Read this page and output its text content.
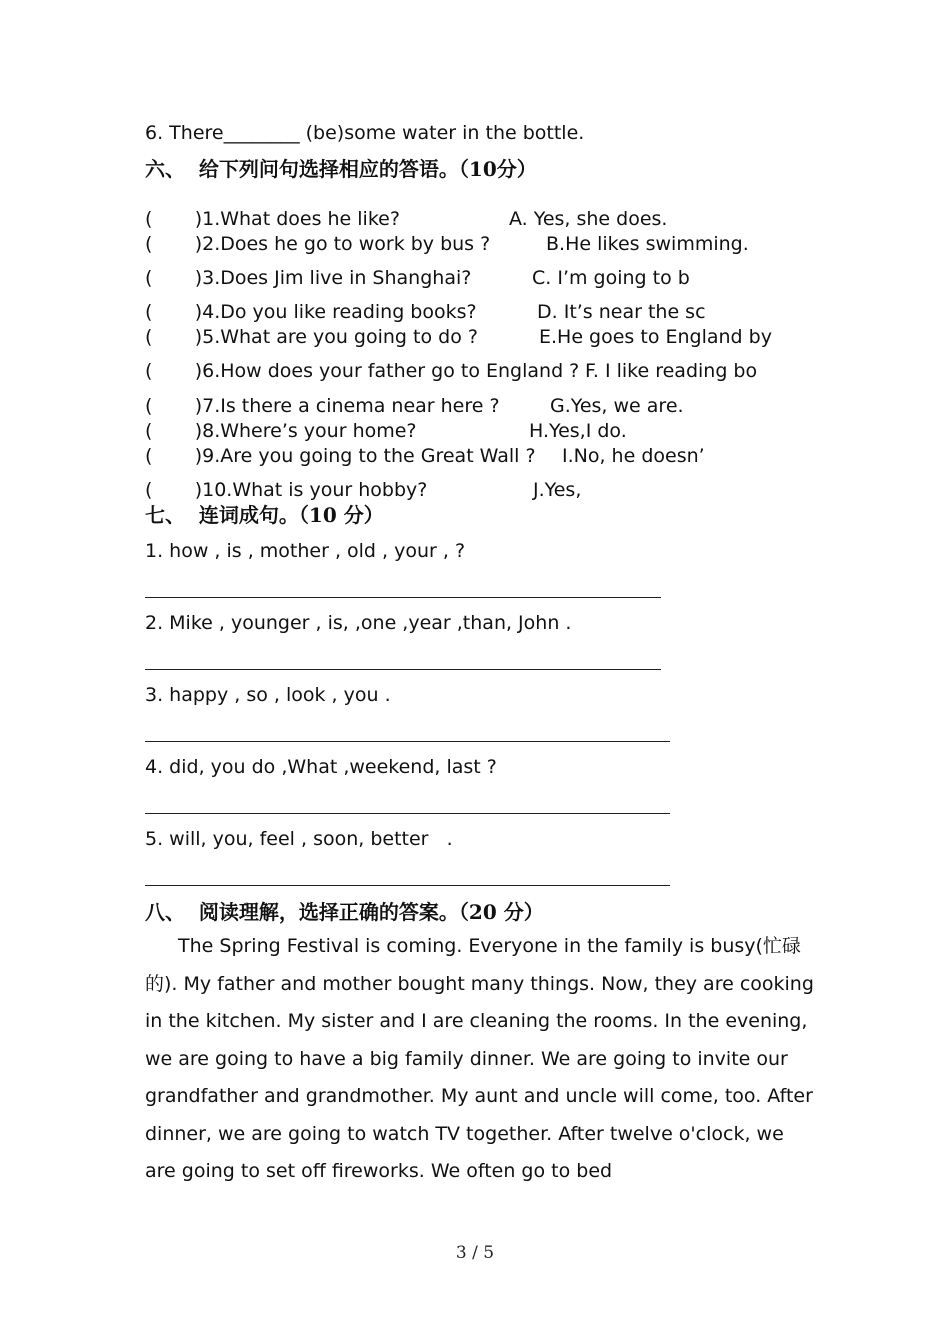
6. There________ (be)some water in the bottle.
六、  给下列问句选择相应的答语。（10分）
(       )1.What does he like?	A. Yes, she does.
(       )2.Does he go to work by bus ?	B.He likes swimming.
(       )3.Does Jim live in Shanghai?	C. I’m going to b
(       )4.Do you like reading books?	D. It’s near the sc
(       )5.What are you going to do ?	E.He goes to England by
(       )6.How does your father go to England ? F. I like reading bo
(       )7.Is there a cinema near here ?	G.Yes, we are.
(       )8.Where’s your home?	H.Yes,I do.
(       )9.Are you going to the Great Wall ? I.No, he doesn’
(       )10.What is your hobby?	J.Yes,
七、  连词成句。（10 分）
1. how , is , mother , old , your , ?
2. Mike , younger , is, ,one ,year ,than, John .
3. happy , so , look , you .
4. did, you do ,What ,weekend, last ?
5. will, you, feel , soon, better   .
八、  阅读理解，选择正确的答案。（20 分）
The Spring Festival is coming. Everyone in the family is busy(忙碌的). My father and mother bought many things. Now, they are cooking in the kitchen. My sister and I are cleaning the rooms. In the evening, we are going to have a big family dinner. We are going to invite our grandfather and grandmother. My aunt and uncle will come, too. After dinner, we are going to watch TV together. After twelve o'clock, we are going to set off fireworks. We often go to bed
3 / 5
